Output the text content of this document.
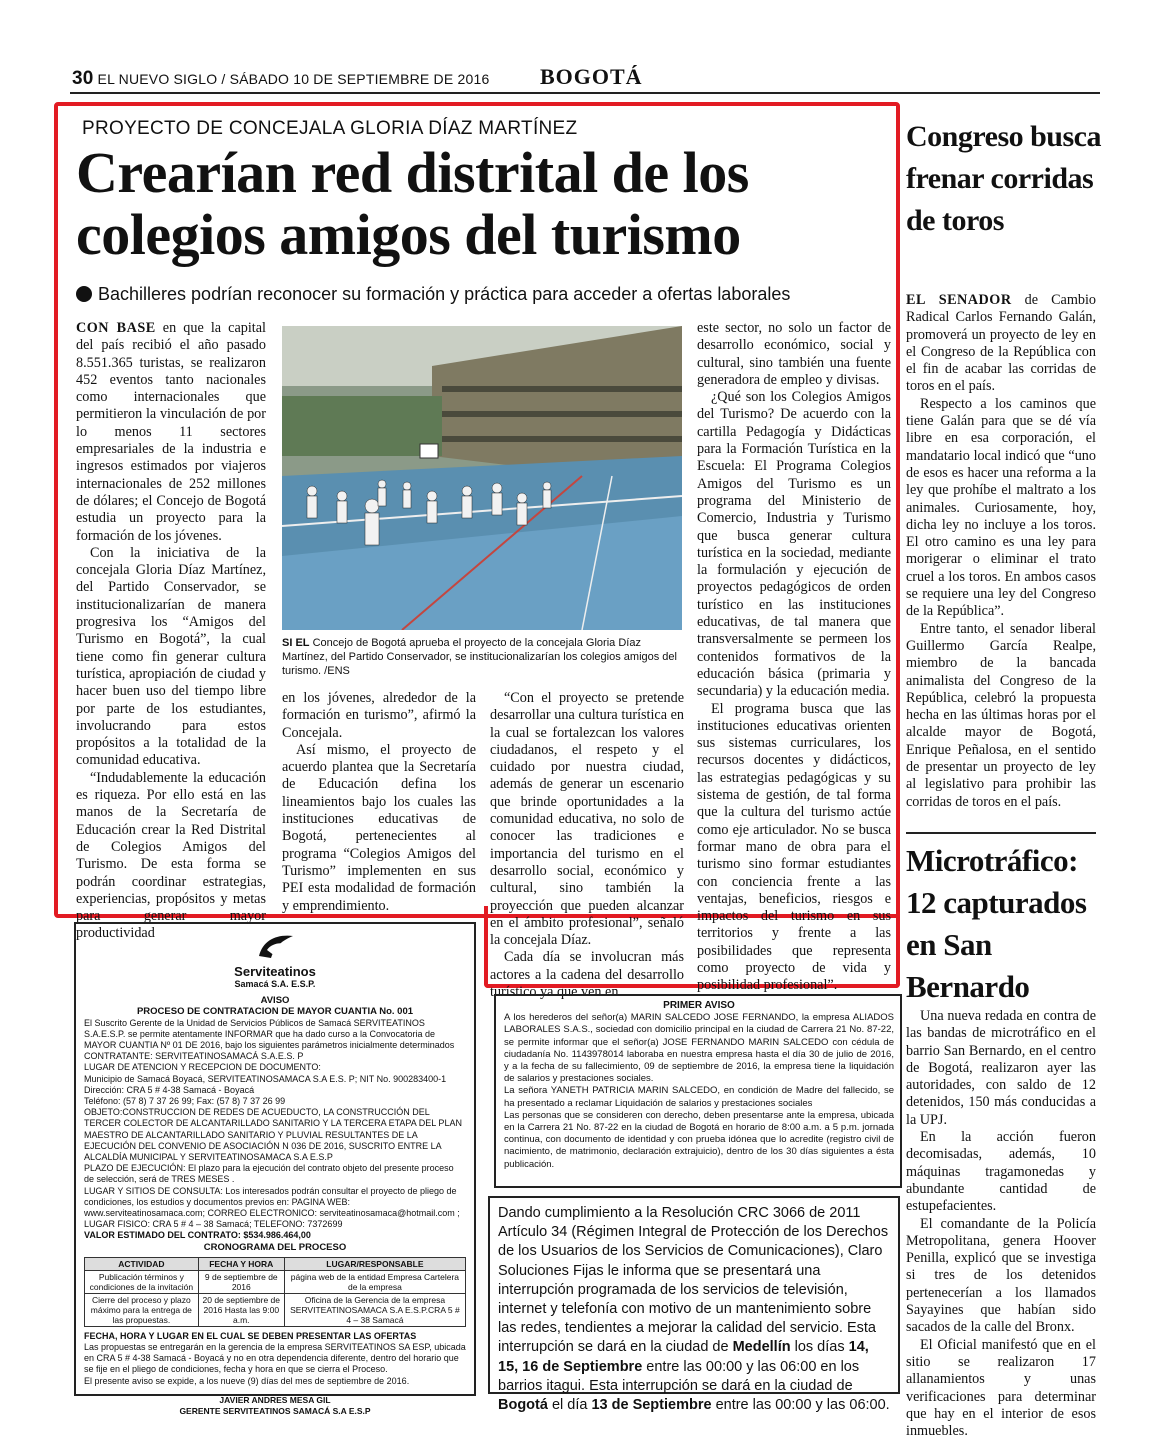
30 EL NUEVO SIGLO / SÁBADO 10 DE SEPTIEMBRE DE 2016 BOGOTÁ
PROYECTO DE CONCEJALA GLORIA DÍAZ MARTÍNEZ
Crearían red distrital de los colegios amigos del turismo
Bachilleres podrían reconocer su formación y práctica para acceder a ofertas laborales

CON BASE en que la capital del país recibió el año pasado 8.551.365 turistas, se realizaron 452 eventos tanto nacionales como internacionales que permitieron la vinculación de por lo menos 11 sectores empresariales de la industria e ingresos estimados por viajeros internacionales de 252 millones de dólares; el Concejo de Bogotá estudia un proyecto para la formación de los jóvenes.

Con la iniciativa de la concejala Gloria Díaz Martínez, del Partido Conservador, se institucionalizarían de manera progresiva los “Amigos del Turismo en Bogotá”, la cual tiene como fin generar cultura turística, apropiación de ciudad y hacer buen uso del tiempo libre por parte de los estudiantes, involucrando para estos propósitos a la totalidad de la comunidad educativa.

“Indudablemente la educación es riqueza. Por ello está en las manos de la Secretaría de Educación crear la Red Distrital de Colegios Amigos del Turismo. De esta forma se podrán coordinar estrategias, experiencias, propósitos y metas para generar mayor productividad

SI EL Concejo de Bogotá aprueba el proyecto de la concejala Gloria Díaz Martínez, del Partido Conservador, se institucionalizarían los colegios amigos del turismo. /ENS

en los jóvenes, alrededor de la formación en turismo”, afirmó la Concejala.

Así mismo, el proyecto de acuerdo plantea que la Secretaría de Educación defina los lineamientos bajo los cuales las instituciones educativas de Bogotá, pertenecientes al programa “Colegios Amigos del Turismo” implementen en sus PEI esta modalidad de formación y emprendimiento.

“Con el proyecto se pretende desarrollar una cultura turística en la cual se fortalezcan los valores ciudadanos, el respeto y el cuidado por nuestra ciudad, además de generar un escenario que brinde oportunidades a la comunidad educativa, no solo de conocer las tradiciones e importancia del turismo en el desarrollo social, económico y cultural, sino también la proyección que pueden alcanzar en el ámbito profesional”, señaló la concejala Díaz.

Cada día se involucran más actores a la cadena del desarrollo turístico ya que ven en

este sector, no solo un factor de desarrollo económico, social y cultural, sino también una fuente generadora de empleo y divisas.

¿Qué son los Colegios Amigos del Turismo? De acuerdo con la cartilla Pedagogía y Didácticas para la Formación Turística en la Escuela: El Programa Colegios Amigos del Turismo es un programa del Ministerio de Comercio, Industria y Turismo que busca generar cultura turística en la sociedad, mediante la formulación y ejecución de proyectos pedagógicos de orden turístico en las instituciones educativas, de tal manera que transversalmente se permeen los contenidos formativos de la educación básica (primaria y secundaria) y la educación media.

El programa busca que las instituciones educativas orienten sus sistemas curriculares, los recursos docentes y didácticos, las estrategias pedagógicas y su sistema de gestión, de tal forma que la cultura del turismo actúe como eje articulador. No se busca formar mano de obra para el turismo sino formar estudiantes con conciencia frente a las ventajas, beneficios, riesgos e impactos del turismo en sus territorios y frente a las posibilidades que representa como proyecto de vida y posibilidad profesional”.

Congreso busca frenar corridas de toros

EL SENADOR de Cambio Radical Carlos Fernando Galán, promoverá un proyecto de ley en el Congreso de la República con el fin de acabar las corridas de toros en el país.

Respecto a los caminos que tiene Galán para que se dé vía libre en esa corporación, el mandatario local indicó que “uno de esos es hacer una reforma a la ley que prohíbe el maltrato a los animales. Curiosamente, hoy, dicha ley no incluye a los toros. El otro camino es una ley para morigerar o eliminar el trato cruel a los toros. En ambos casos se requiere una ley del Congreso de la República”.

Entre tanto, el senador liberal Guillermo García Realpe, miembro de la bancada animalista del Congreso de la República, celebró la propuesta hecha en las últimas horas por el alcalde mayor de Bogotá, Enrique Peñalosa, en el sentido de presentar un proyecto de ley al legislativo para prohibir las corridas de toros en el país.

Microtráfico: 12 capturados en San Bernardo

Una nueva redada en contra de las bandas de microtráfico en el barrio San Bernardo, en el centro de Bogotá, realizaron ayer las autoridades, con saldo de 12 detenidos, 150 más conducidas a la UPJ.

En la acción fueron decomisadas, además, 10 máquinas tragamonedas y abundante cantidad de estupefacientes.

El comandante de la Policía Metropolitana, genera Hoover Penilla, explicó que se investiga si tres de los detenidos pertenecerían a los llamados Sayayines que habían sido sacados de la calle del Bronx.

El Oficial manifestó que en el sitio se realizaron 17 allanamientos y unas verificaciones para determinar que hay en el interior de esos inmuebles.

Serviteatinos
Samacá S.A. E.S.P.
AVISO
PROCESO DE CONTRATACION DE MAYOR CUANTIA No. 001
El Suscrito Gerente de la Unidad de Servicios Públicos de Samacá SERVITEATINOS S.A.E.S.P. se permite atentamente INFORMAR que ha dado curso a la Convocatoria de MAYOR CUANTIA Nº 01 DE 2016, bajo los siguientes parámetros inicialmente determinados
CONTRATANTE: SERVITEATINOSAMACÁ S.A.E.S. P
LUGAR DE ATENCION Y RECEPCION DE DOCUMENTO:
Municipio de Samacá Boyacá, SERVITEATINOSAMACA S.A E.S. P; NIT No. 900283400-1
Dirección: CRA 5 # 4-38 Samacá - Boyacá
Teléfono: (57 8) 7 37 26 99; Fax: (57 8) 7 37 26 99
OBJETO:CONSTRUCCION DE REDES DE ACUEDUCTO, LA CONSTRUCCIÓN DEL TERCER COLECTOR DE ALCANTARILLADO SANITARIO Y LA TERCERA ETAPA DEL PLAN MAESTRO DE ALCANTARILLADO SANITARIO Y PLUVIAL RESULTANTES DE LA EJECUCIÓN DEL CONVENIO DE ASOCIACIÓN N 036 DE 2016, SUSCRITO ENTRE LA ALCALDÍA MUNICIPAL Y SERVITEATINOSAMACA S.A E.S.P
PLAZO DE EJECUCIÓN: El plazo para la ejecución del contrato objeto del presente proceso de selección, será de TRES MESES .
LUGAR Y SITIOS DE CONSULTA: Los interesados podrán consultar el proyecto de pliego de condiciones, los estudios y documentos previos en: PAGINA WEB: www.serviteatinosamaca.com; CORREO ELECTRONICO: serviteatinosamaca@hotmail.com ; LUGAR FISICO: CRA 5 # 4 – 38 Samacá; TELEFONO: 7372699
VALOR ESTIMADO DEL CONTRATO: $534.986.464,00
CRONOGRAMA DEL PROCESO
ACTIVIDAD	FECHA Y HORA	LUGAR/RESPONSABLE
Publicación términos y condiciones de la invitación	9 de septiembre de 2016	página web de la entidad Empresa Cartelera de la empresa
Cierre del proceso y plazo máximo para la entrega de las propuestas.	20 de septiembre de 2016 Hasta las 9:00 a.m.	Oficina de la Gerencia de la empresa SERVITEATINOSAMACA S.A E.S.P.CRA 5 # 4 – 38 Samacá
FECHA, HORA Y LUGAR EN EL CUAL SE DEBEN PRESENTAR LAS OFERTAS
Las propuestas se entregarán en la gerencia de la empresa SERVITEATINOS SA ESP, ubicada en CRA 5 # 4-38 Samacá - Boyacá y no en otra dependencia diferente, dentro del horario que se fije en el pliego de condiciones, fecha y hora en que se cierra el Proceso.
El presente aviso se expide, a los nueve (9) días del mes de septiembre de 2016.
JAVIER ANDRES MESA GIL
GERENTE SERVITEATINOS SAMACÁ S.A E.S.P
PRIMER AVISO
A los herederos del señor(a) MARIN SALCEDO JOSE FERNANDO, la empresa ALIADOS LABORALES S.A.S., sociedad con domicilio principal en la ciudad de Carrera 21 No. 87-22, se permite informar que el señor(a) JOSE FERNANDO MARIN SALCEDO con cédula de ciudadanía No. 1143978014 laboraba en nuestra empresa hasta el día 30 de julio de 2016, y a la fecha de su fallecimiento, 09 de septiembre de 2016, la empresa tiene la liquidación de salarios y prestaciones sociales.
La señora YANETH PATRICIA MARIN SALCEDO, en condición de Madre del fallecido, se ha presentado a reclamar Liquidación de salarios y prestaciones sociales
Las personas que se consideren con derecho, deben presentarse ante la empresa, ubicada en la Carrera 21 No. 87-22 en la ciudad de Bogotá en horario de 8:00 a.m. a 5 p.m. jornada continua, con documento de identidad y con prueba idónea que lo acredite (registro civil de nacimiento, de matrimonio, declaración extrajuicio), dentro de los 30 días siguientes a ésta publicación.
Dando cumplimiento a la Resolución CRC 3066 de 2011 Artículo 34 (Régimen Integral de Protección de los Derechos de los Usuarios de los Servicios de Comunicaciones), Claro Soluciones Fijas le informa que se presentará una interrupción programada de los servicios de televisión, internet y telefonía con motivo de un mantenimiento sobre las redes, tendientes a mejorar la calidad del servicio. Esta interrupción se dará en la ciudad de Medellín los días 14, 15, 16 de Septiembre entre las 00:00 y las 06:00 en los barrios itagui. Esta interrupción se dará en la ciudad de Bogotá el día 13 de Septiembre entre las 00:00 y las 06:00.
